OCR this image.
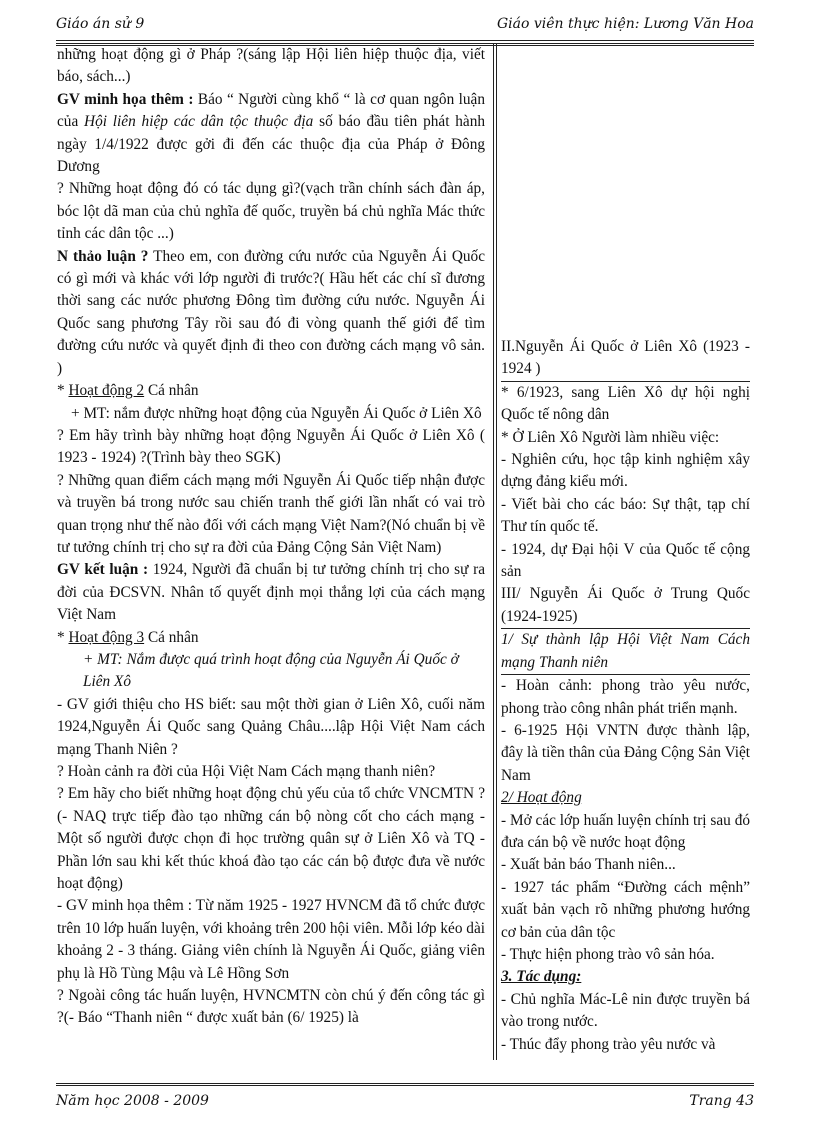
Giáo án sử 9	Giáo viên thực hiện: Lương Văn Hoa

những hoạt động gì ở Pháp ?(sáng lập Hội liên hiệp thuộc địa, viết báo, sách...)

GV minh họa thêm : Báo “ Người cùng khổ “ là cơ quan ngôn luận của Hội liên hiệp các dân tộc thuộc địa số báo đầu tiên phát hành ngày 1/4/1922 được gởi đi đến các thuộc địa của Pháp ở Đông Dương

? Những hoạt động đó có tác dụng gì?(vạch trần chính sách đàn áp, bóc lột dã man của chủ nghĩa đế quốc, truyền bá chủ nghĩa Mác thức tỉnh các dân tộc ...)

N thảo luận ? Theo em, con đường cứu nước của Nguyễn Ái Quốc có gì mới và khác với lớp người đi trước?( Hầu hết các chí sĩ đương thời sang các nước phương Đông tìm đường cứu nước. Nguyễn Ái Quốc sang phương Tây rồi sau đó đi vòng quanh thế giới để tìm đường cứu nước và quyết định đi theo con đường cách mạng vô sản. )

* Hoạt động 2 Cá nhân

+ MT: nắm được những hoạt động của Nguyễn Ái Quốc ở Liên Xô

? Em hãy trình bày những hoạt động Nguyễn Ái Quốc ở Liên Xô ( 1923 - 1924) ?(Trình bày theo SGK)

? Những quan điểm cách mạng mới Nguyễn Ái Quốc tiếp nhận được và truyền bá trong nước sau chiến tranh thế giới lần nhất có vai trò quan trọng như thế nào đối với cách mạng Việt Nam?(Nó chuẩn bị về tư tưởng chính trị cho sự ra đời của Đảng Cộng Sản Việt Nam)

GV kết luận : 1924, Người đã chuẩn bị tư tưởng chính trị cho sự ra đời của ĐCSVN. Nhân tố quyết định mọi thắng lợi của cách mạng Việt Nam

* Hoạt động 3 Cá nhân

+ MT: Nắm được quá trình hoạt động của Nguyễn Ái Quốc ở Liên Xô

- GV giới thiệu cho HS biết: sau một thời gian ở Liên Xô, cuối năm 1924,Nguyễn Ái Quốc sang Quảng Châu....lập Hội Việt Nam cách mạng Thanh Niên ?

? Hoàn cảnh ra đời của Hội Việt Nam Cách mạng thanh niên?

? Em hãy cho biết những hoạt động chủ yếu của tổ chức VNCMTN ?(- NAQ trực tiếp đào tạo những cán bộ nòng cốt cho cách mạng - Một số người được chọn đi học trường quân sự ở Liên Xô và TQ - Phần lớn sau khi kết thúc khoá đào tạo các cán bộ được đưa về nước hoạt động)

- GV minh họa thêm : Từ năm 1925 - 1927 HVNCM đã tổ chức được trên 10 lớp huấn luyện, với khoảng trên 200 hội viên. Mỗi lớp kéo dài khoảng 2 - 3 tháng. Giảng viên chính là Nguyễn Ái Quốc, giảng viên phụ là Hồ Tùng Mậu và Lê Hồng Sơn

? Ngoài công tác huấn luyện, HVNCMTN còn chú ý đến công tác gì ?(- Báo “Thanh niên “ được xuất bản (6/ 1925) là

II.Nguyễn Ái Quốc ở Liên Xô (1923 - 1924 )

* 6/1923, sang Liên Xô dự hội nghị Quốc tế nông dân

* Ở Liên Xô Người làm nhiều việc:

- Nghiên cứu, học tập kinh nghiệm xây dựng đảng kiểu mới.

- Viết bài cho các báo: Sự thật, tạp chí Thư tín quốc tế.

- 1924, dự Đại hội V của Quốc tế cộng sản

III/ Nguyễn Ái Quốc ở Trung Quốc (1924-1925)

1/ Sự thành lập Hội Việt Nam Cách mạng Thanh niên

- Hoàn cảnh: phong trào yêu nước, phong trào công nhân phát triển mạnh.

- 6-1925 Hội VNTN được thành lập, đây là tiền thân của Đảng Cộng Sản Việt Nam

2/ Hoạt động

- Mở các lớp huấn luyện chính trị sau đó đưa cán bộ về nước hoạt động

- Xuất bản báo Thanh niên...

- 1927 tác phẩm “Đường cách mệnh” xuất bản vạch rõ những phương hướng cơ bản của dân tộc

- Thực hiện phong trào vô sản hóa.

3. Tác dụng:

- Chủ nghĩa Mác-Lê nin được truyền bá vào trong nước.

- Thúc đẩy phong trào yêu nước và

Năm học 2008 - 2009	Trang 43
